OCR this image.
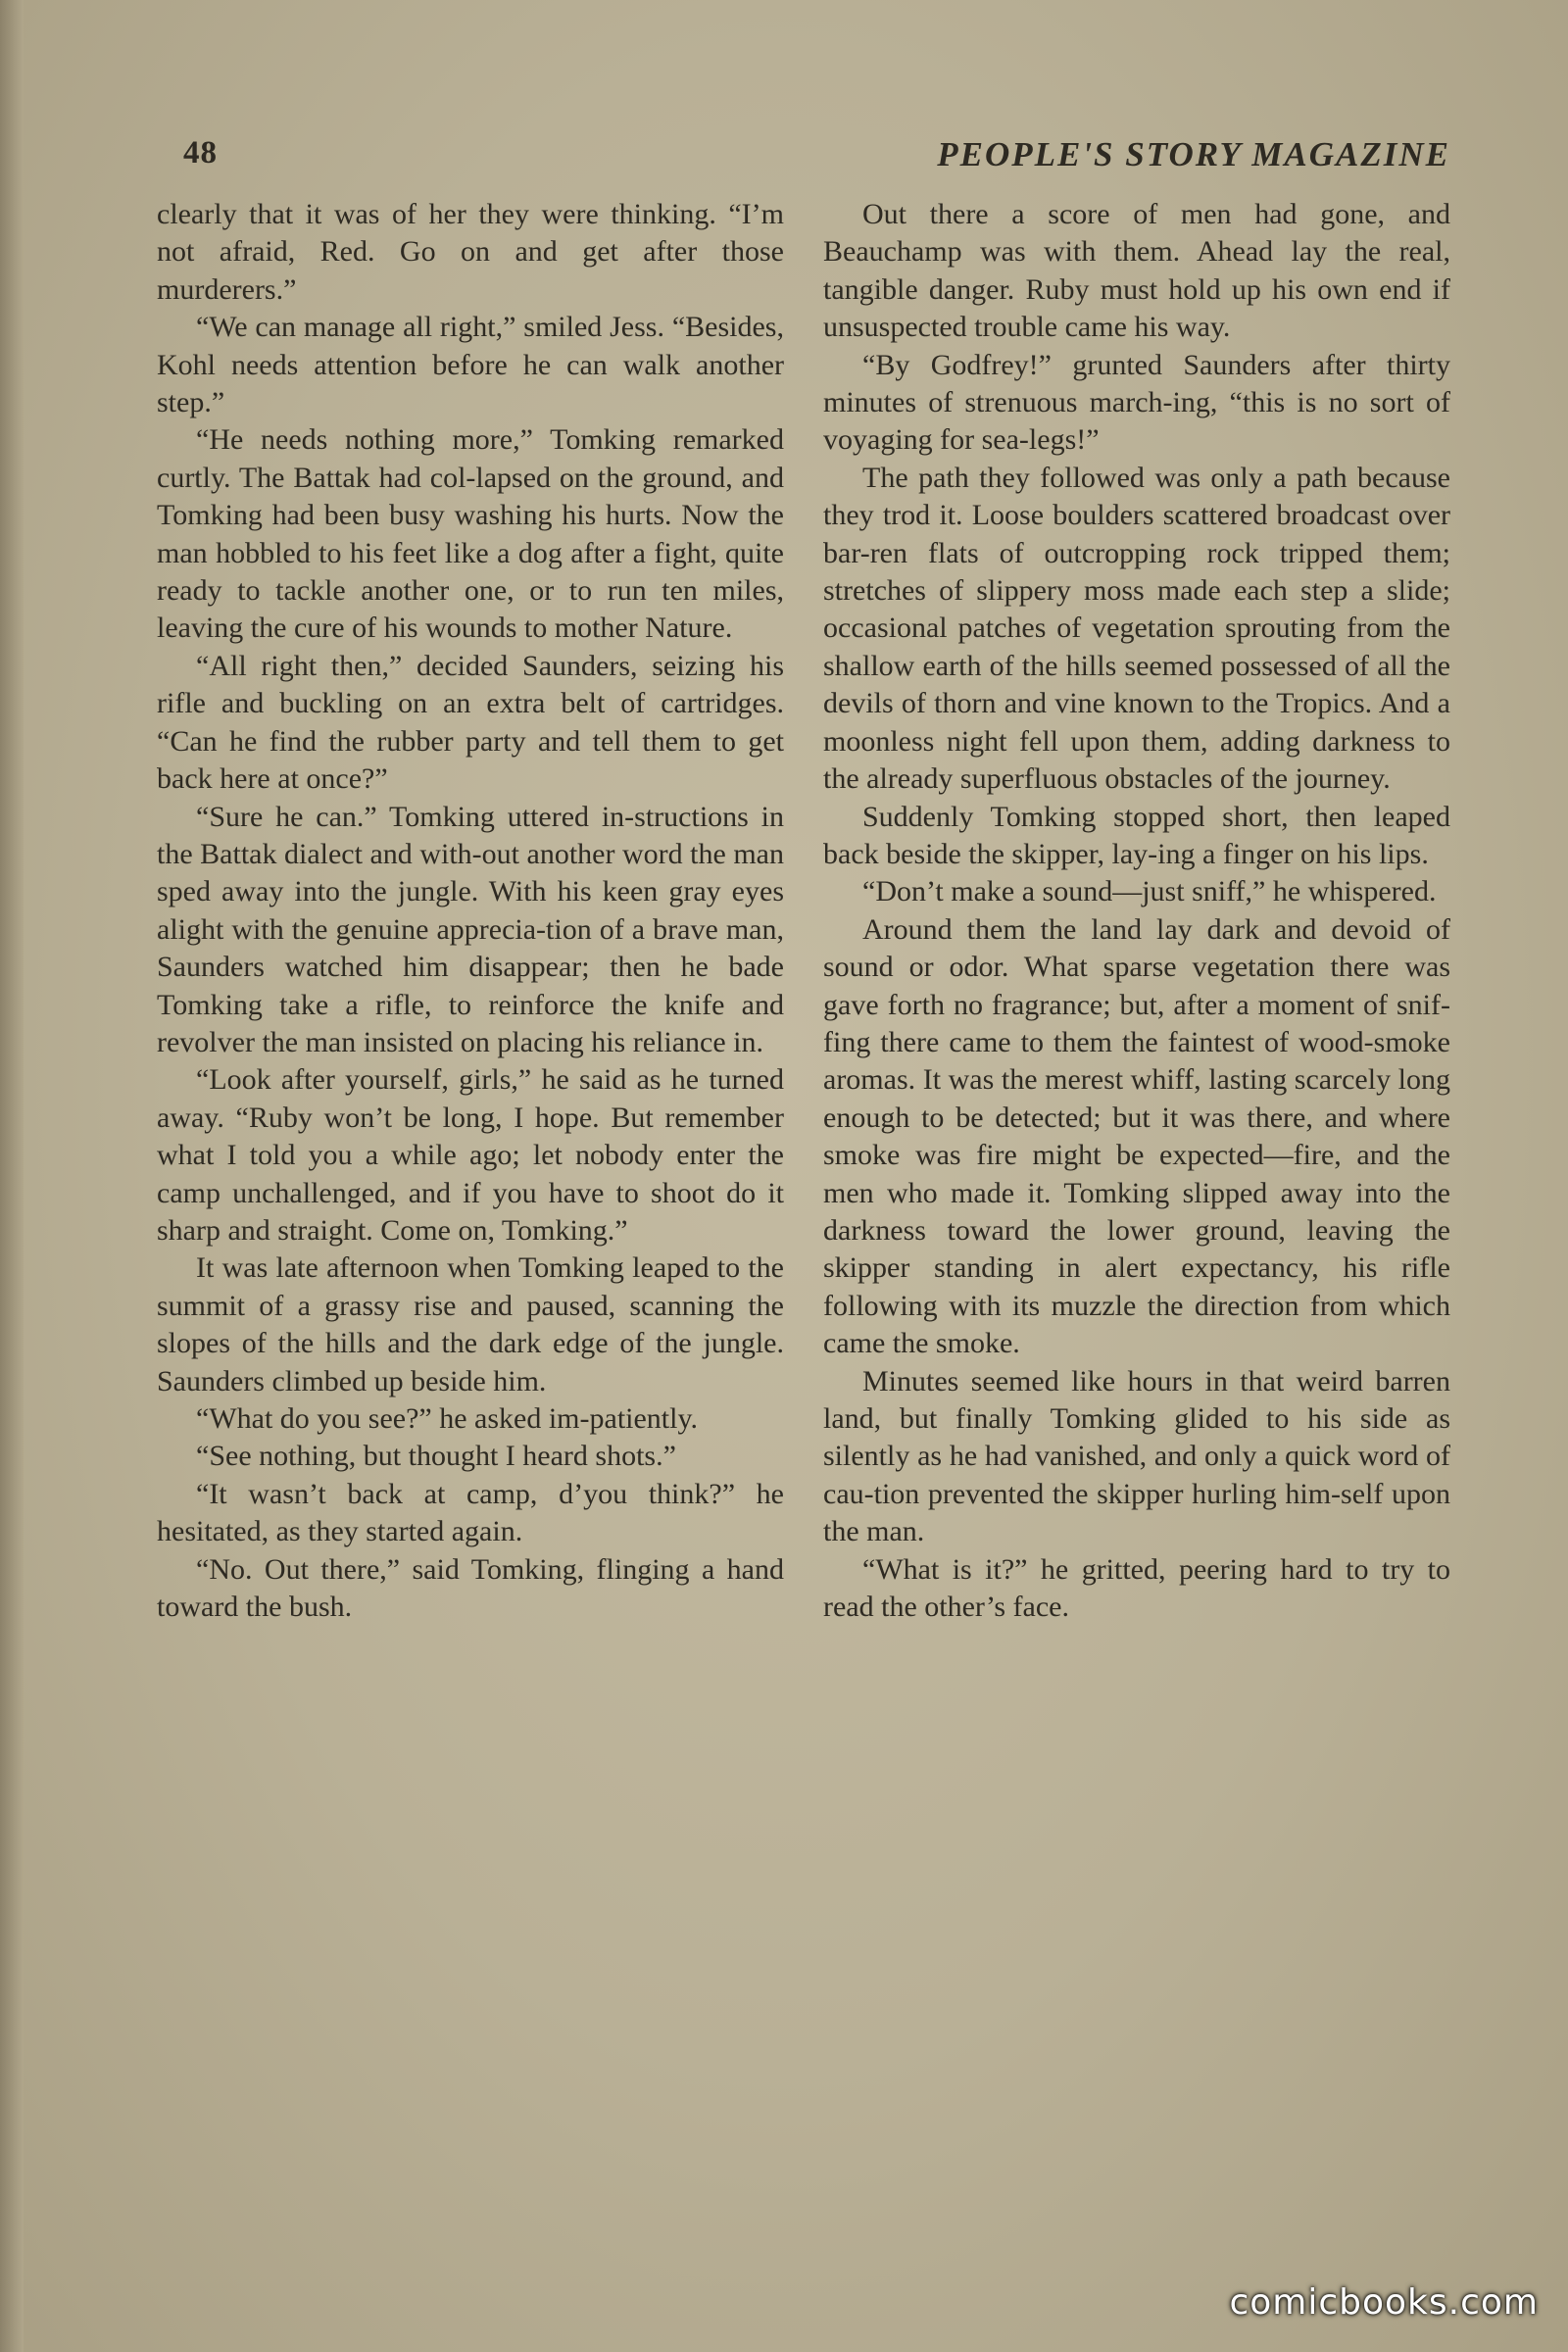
48	PEOPLE'S STORY MAGAZINE

clearly that it was of her they were thinking. “I’m not afraid, Red. Go on and get after those murderers.”

“We can manage all right,” smiled Jess. “Besides, Kohl needs attention before he can walk another step.”

“He needs nothing more,” Tomking remarked curtly. The Battak had col-lapsed on the ground, and Tomking had been busy washing his hurts. Now the man hobbled to his feet like a dog after a fight, quite ready to tackle another one, or to run ten miles, leaving the cure of his wounds to mother Nature.

“All right then,” decided Saunders, seizing his rifle and buckling on an extra belt of cartridges. “Can he find the rubber party and tell them to get back here at once?”

“Sure he can.” Tomking uttered in-structions in the Battak dialect and with-out another word the man sped away into the jungle. With his keen gray eyes alight with the genuine apprecia-tion of a brave man, Saunders watched him disappear; then he bade Tomking take a rifle, to reinforce the knife and revolver the man insisted on placing his reliance in.

“Look after yourself, girls,” he said as he turned away. “Ruby won’t be long, I hope. But remember what I told you a while ago; let nobody enter the camp unchallenged, and if you have to shoot do it sharp and straight. Come on, Tomking.”

It was late afternoon when Tomking leaped to the summit of a grassy rise and paused, scanning the slopes of the hills and the dark edge of the jungle. Saunders climbed up beside him.

“What do you see?” he asked im-patiently.

“See nothing, but thought I heard shots.”

“It wasn’t back at camp, d’you think?” he hesitated, as they started again.

“No. Out there,” said Tomking, flinging a hand toward the bush.

Out there a score of men had gone, and Beauchamp was with them. Ahead lay the real, tangible danger. Ruby must hold up his own end if unsuspected trouble came his way.

“By Godfrey!” grunted Saunders after thirty minutes of strenuous march-ing, “this is no sort of voyaging for sea-legs!”

The path they followed was only a path because they trod it. Loose boulders scattered broadcast over bar-ren flats of outcropping rock tripped them; stretches of slippery moss made each step a slide; occasional patches of vegetation sprouting from the shallow earth of the hills seemed possessed of all the devils of thorn and vine known to the Tropics. And a moonless night fell upon them, adding darkness to the already superfluous obstacles of the journey.

Suddenly Tomking stopped short, then leaped back beside the skipper, lay-ing a finger on his lips.

“Don’t make a sound—just sniff,” he whispered.

Around them the land lay dark and devoid of sound or odor. What sparse vegetation there was gave forth no fragrance; but, after a moment of snif-fing there came to them the faintest of wood-smoke aromas. It was the merest whiff, lasting scarcely long enough to be detected; but it was there, and where smoke was fire might be expected—fire, and the men who made it. Tomking slipped away into the darkness toward the lower ground, leaving the skipper standing in alert expectancy, his rifle following with its muzzle the direction from which came the smoke.

Minutes seemed like hours in that weird barren land, but finally Tomking glided to his side as silently as he had vanished, and only a quick word of cau-tion prevented the skipper hurling him-self upon the man.

“What is it?” he gritted, peering hard to try to read the other’s face.

comicbooks.com
